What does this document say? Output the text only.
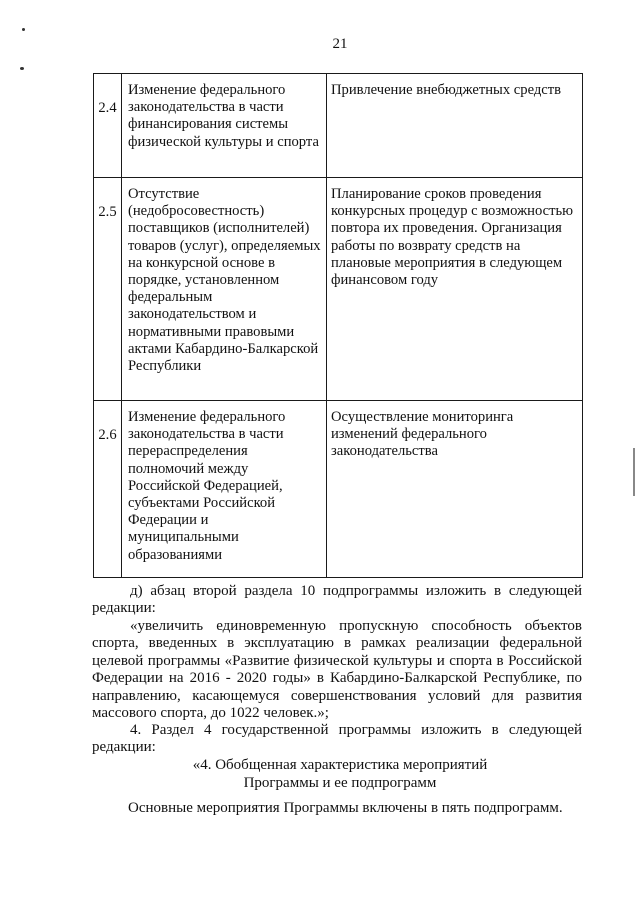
21
2.4	Изменение федерального законодательства в части финансирования системы физической культуры и спорта	Привлечение внебюджетных средств

2.5	Отсутствие (недобросовестность) поставщиков (исполнителей) товаров (услуг), определяемых на конкурсной основе в порядке, установленном федеральным законодательством и нормативными правовыми актами Кабардино-Балкарской Республики	Планирование сроков проведения конкурсных процедур с возможностью повтора их проведения. Организация работы по возврату средств на плановые мероприятия в следующем финансовом году

2.6	Изменение федерального законодательства в части перераспределения полномочий между Российской Федерацией, субъектами Российской Федерации и муниципальными образованиями	Осуществление мониторинга изменений федерального законодательства
д) абзац второй раздела 10 подпрограммы изложить в следующей редакции:
«увеличить единовременную пропускную способность объектов спорта, введенных в эксплуатацию в рамках реализации федеральной целевой программы «Развитие физической культуры и спорта в Российской Федерации на 2016 - 2020 годы» в Кабардино-Балкарской Республике, по направлению, касающемуся совершенствования условий для развития массового спорта, до 1022 человек.»;
4. Раздел 4 государственной программы изложить в следующей редакции:
«4. Обобщенная характеристика мероприятий
Программы и ее подпрограмм
Основные мероприятия Программы включены в пять подпрограмм.
